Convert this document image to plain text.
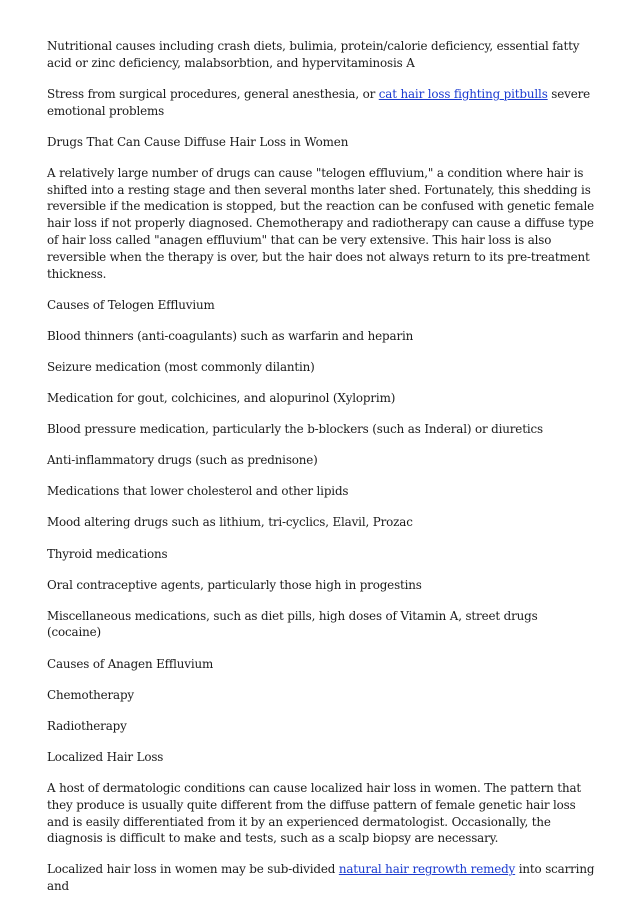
Nutritional causes including crash diets, bulimia, protein/calorie deficiency, essential fatty acid or zinc deficiency, malabsorbtion, and hypervitaminosis A

Stress from surgical procedures, general anesthesia, or cat hair loss fighting pitbulls severe emotional problems

Drugs That Can Cause Diffuse Hair Loss in Women

A relatively large number of drugs can cause "telogen effluvium," a condition where hair is shifted into a resting stage and then several months later shed. Fortunately, this shedding is reversible if the medication is stopped, but the reaction can be confused with genetic female hair loss if not properly diagnosed. Chemotherapy and radiotherapy can cause a diffuse type of hair loss called "anagen effluvium" that can be very extensive. This hair loss is also reversible when the therapy is over, but the hair does not always return to its pre-treatment thickness.

Causes of Telogen Effluvium

Blood thinners (anti-coagulants) such as warfarin and heparin

Seizure medication (most commonly dilantin)

Medication for gout, colchicines, and alopurinol (Xyloprim)

Blood pressure medication, particularly the b-blockers (such as Inderal) or diuretics

Anti-inflammatory drugs (such as prednisone)

Medications that lower cholesterol and other lipids

Mood altering drugs such as lithium, tri-cyclics, Elavil, Prozac

Thyroid medications

Oral contraceptive agents, particularly those high in progestins

Miscellaneous medications, such as diet pills, high doses of Vitamin A, street drugs (cocaine)

Causes of Anagen Effluvium

Chemotherapy

Radiotherapy

Localized Hair Loss

A host of dermatologic conditions can cause localized hair loss in women. The pattern that they produce is usually quite different from the diffuse pattern of female genetic hair loss and is easily differentiated from it by an experienced dermatologist. Occasionally, the diagnosis is difficult to make and tests, such as a scalp biopsy are necessary.

Localized hair loss in women may be sub-divided natural hair regrowth remedy into scarring and
